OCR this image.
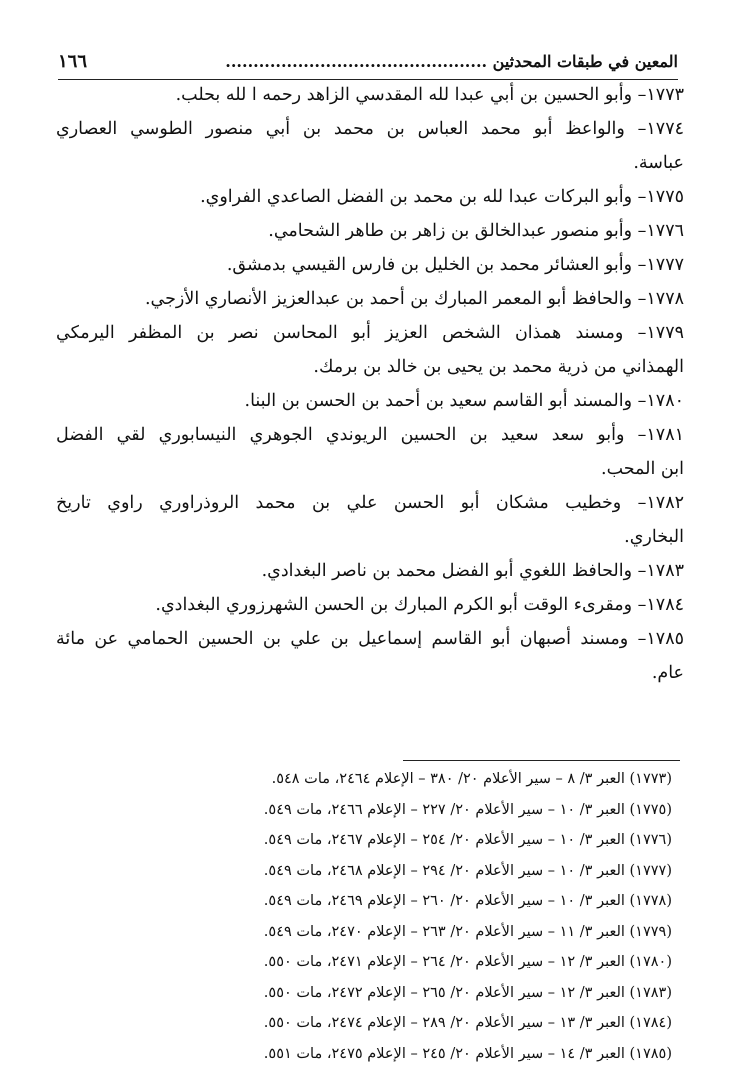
١٦٦	المعين في طبقات المحدثين ...............................................
١٧٧٣– وأبو الحسين بن أبي عبدا لله المقدسي الزاهد رحمه ا لله بحلب.
١٧٧٤– والواعظ أبو محمد العباس بن محمد بن أبي منصور الطوسي العصاري
عباسة.
١٧٧٥– وأبو البركات عبدا لله بن محمد بن الفضل الصاعدي الفراوي.
١٧٧٦– وأبو منصور عبدالخالق بن زاهر بن طاهر الشحامي.
١٧٧٧– وأبو العشائر محمد بن الخليل بن فارس القيسي بدمشق.
١٧٧٨– والحافظ أبو المعمر المبارك بن أحمد بن عبدالعزيز الأنصاري الأزجي.
١٧٧٩– ومسند همذان الشخص العزيز أبو المحاسن نصر بن المظفر اليرمكي
الهمذاني من ذرية محمد بن يحيى بن خالد بن برمك.
١٧٨٠– والمسند أبو القاسم سعيد بن أحمد بن الحسن بن البنا.
١٧٨١– وأبو سعد سعيد بن الحسين الريوندي الجوهري النيسابوري لقي الفضل
ابن المحب.
١٧٨٢– وخطيب مشكان أبو الحسن علي بن محمد الروذراوري راوي تاريخ
البخاري.
١٧٨٣– والحافظ اللغوي أبو الفضل محمد بن ناصر البغدادي.
١٧٨٤– ومقرىء الوقت أبو الكرم المبارك بن الحسن الشهرزوري البغدادي.
١٧٨٥– ومسند أصبهان أبو القاسم إسماعيل بن علي بن الحسين الحمامي عن مائة
عام.
(١٧٧٣) العبر ٣/ ٨ – سير الأعلام ٢٠/ ٣٨٠ – الإعلام ٢٤٦٤، مات ٥٤٨.
(١٧٧٥) العبر ٣/ ١٠ – سير الأعلام ٢٠/ ٢٢٧ – الإعلام ٢٤٦٦، مات ٥٤٩.
(١٧٧٦) العبر ٣/ ١٠ – سير الأعلام ٢٠/ ٢٥٤ – الإعلام ٢٤٦٧، مات ٥٤٩.
(١٧٧٧) العبر ٣/ ١٠ – سير الأعلام ٢٠/ ٢٩٤ – الإعلام ٢٤٦٨، مات ٥٤٩.
(١٧٧٨) العبر ٣/ ١٠ – سير الأعلام ٢٠/ ٢٦٠ – الإعلام ٢٤٦٩، مات ٥٤٩.
(١٧٧٩) العبر ٣/ ١١ – سير الأعلام ٢٠/ ٢٦٣ – الإعلام ٢٤٧٠، مات ٥٤٩.
(١٧٨٠) العبر ٣/ ١٢ – سير الأعلام ٢٠/ ٢٦٤ – الإعلام ٢٤٧١، مات ٥٥٠.
(١٧٨٣) العبر ٣/ ١٢ – سير الأعلام ٢٠/ ٢٦٥ – الإعلام ٢٤٧٢، مات ٥٥٠.
(١٧٨٤) العبر ٣/ ١٣ – سير الأعلام ٢٠/ ٢٨٩ – الإعلام ٢٤٧٤، مات ٥٥٠.
(١٧٨٥) العبر ٣/ ١٤ – سير الأعلام ٢٠/ ٢٤٥ – الإعلام ٢٤٧٥، مات ٥٥١.
